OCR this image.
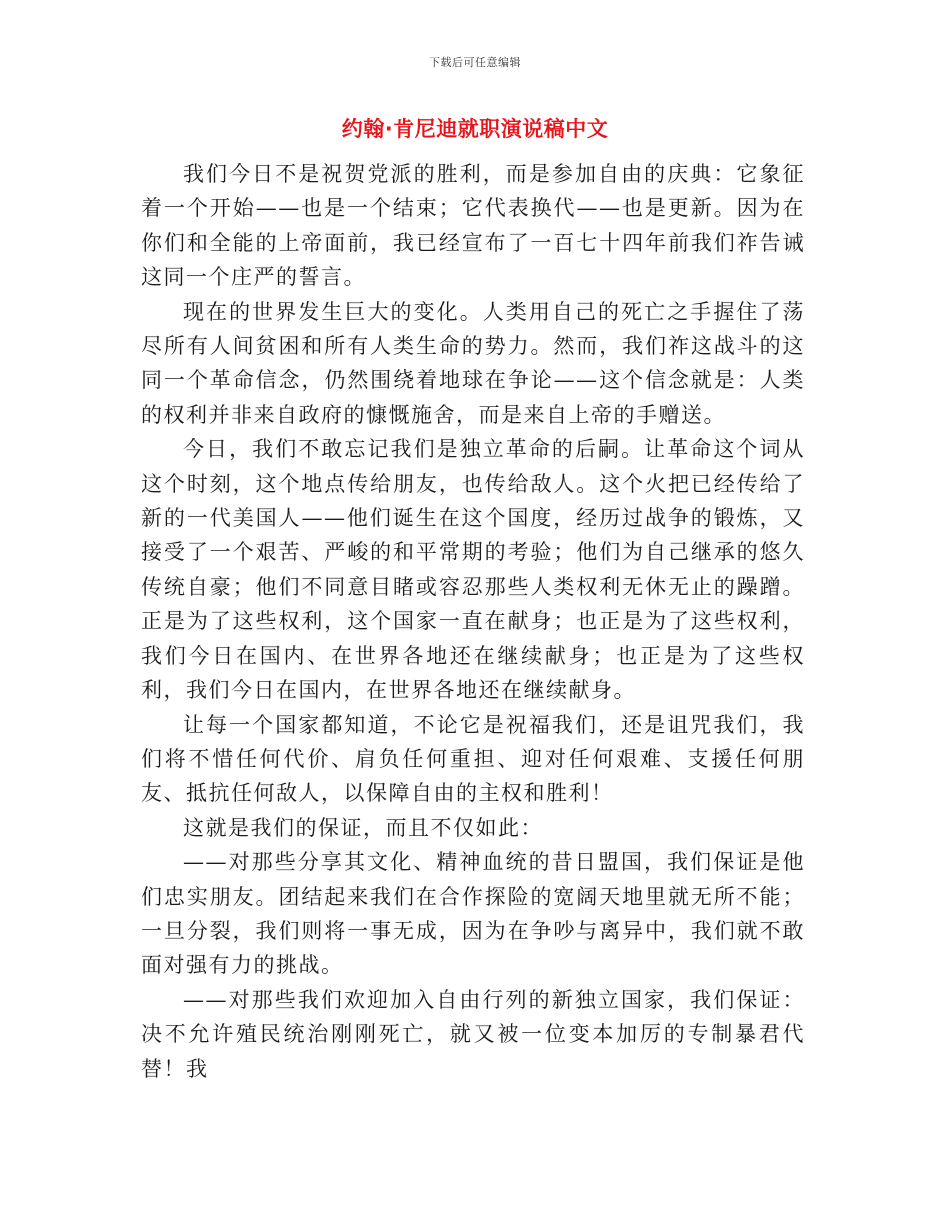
下载后可任意编辑
约翰·肯尼迪就职演说稿中文

我们今日不是祝贺党派的胜利，而是参加自由的庆典：它象征着一个开始——也是一个结束；它代表换代——也是更新。因为在你们和全能的上帝面前，我已经宣布了一百七十四年前我们祚告诫这同一个庄严的誓言。

现在的世界发生巨大的变化。人类用自己的死亡之手握住了荡尽所有人间贫困和所有人类生命的势力。然而，我们祚这战斗的这同一个革命信念，仍然围绕着地球在争论——这个信念就是：人类的权利并非来自政府的慷慨施舍，而是来自上帝的手赠送。

今日，我们不敢忘记我们是独立革命的后嗣。让革命这个词从这个时刻，这个地点传给朋友，也传给敌人。这个火把已经传给了新的一代美国人——他们诞生在这个国度，经历过战争的锻炼，又接受了一个艰苦、严峻的和平常期的考验；他们为自己继承的悠久传统自豪；他们不同意目睹或容忍那些人类权利无休无止的躁蹭。正是为了这些权利，这个国家一直在献身；也正是为了这些权利，我们今日在国内、在世界各地还在继续献身；也正是为了这些权利，我们今日在国内，在世界各地还在继续献身。

让每一个国家都知道，不论它是祝福我们，还是诅咒我们，我们将不惜任何代价、肩负任何重担、迎对任何艰难、支援任何朋友、抵抗任何敌人，以保障自由的主权和胜利！

这就是我们的保证，而且不仅如此：

——对那些分享其文化、精神血统的昔日盟国，我们保证是他们忠实朋友。团结起来我们在合作探险的宽阔天地里就无所不能；一旦分裂，我们则将一事无成，因为在争吵与离异中，我们就不敢面对强有力的挑战。

——对那些我们欢迎加入自由行列的新独立国家，我们保证：决不允许殖民统治刚刚死亡，就又被一位变本加厉的专制暴君代替！我
